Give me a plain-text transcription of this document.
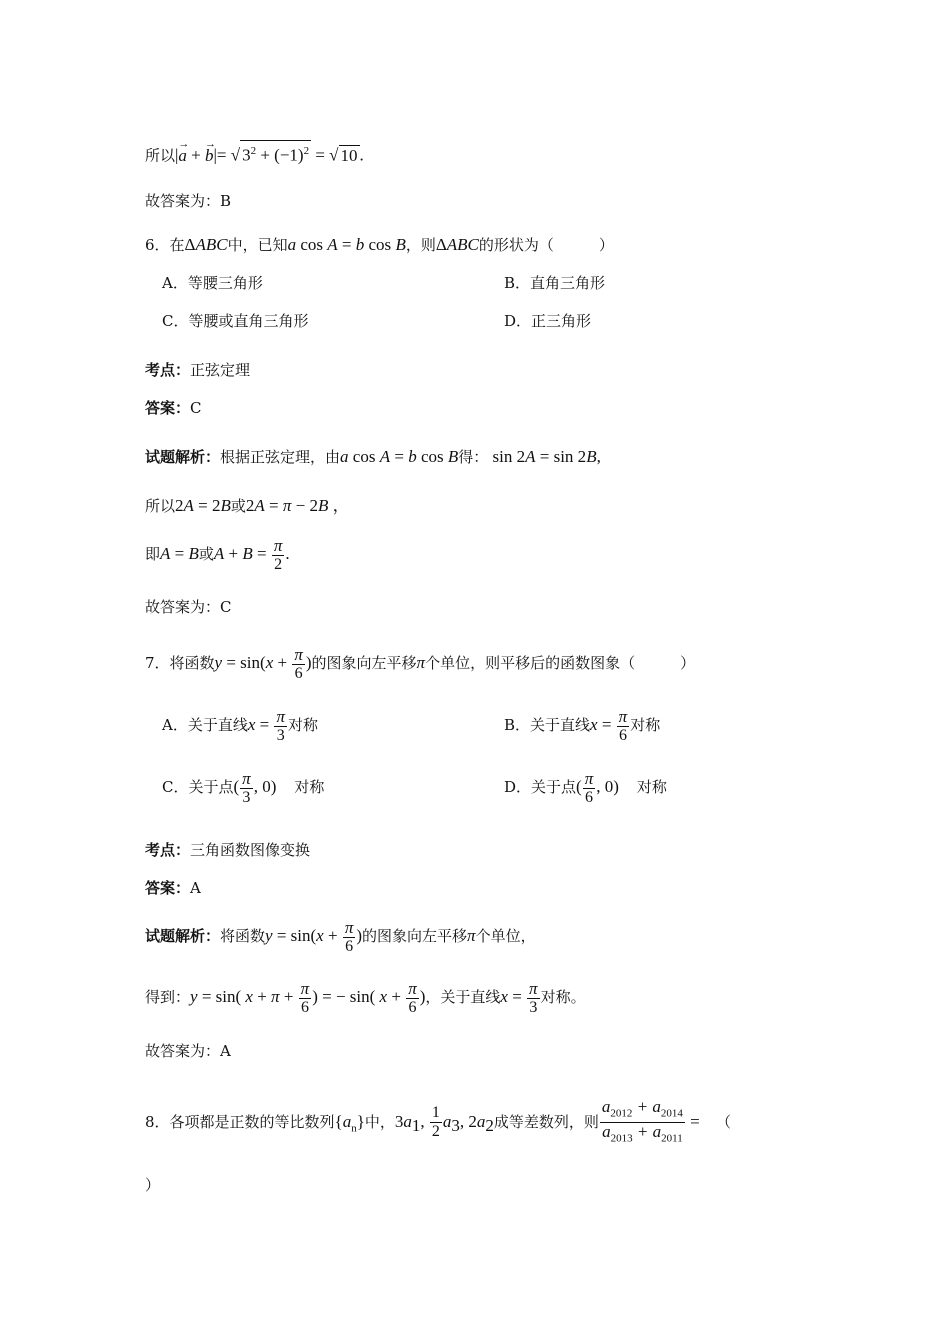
所以|→ a + → b|= √ $3^2 + (-1)^2$ = √ 10 .
故答案为：B
6．在ΔABC中，已知a cos A = b cos B，则ΔABC的形状为（　　　）
A．等腰三角形	B．直角三角形
C．等腰或直角三角形	D．正三角形
考点：正弦定理
答案：C
试题解析：根据正弦定理，由a cos A = b cos B得： sin 2A = sin 2B,
所以2A = 2B或2A = π − 2B ，
即A = B或$A + B = \frac{\pi}{2}$ .
故答案为：C
7．将函数$y = \sin(x + \frac{\pi}{6}$ )的图象向左平移π个单位，则平移后的函数图象（　　　）
A．关于直线$x = \frac{\pi}{3}$ 对称	B．关于直线$x = \frac{\pi}{6}$ 对称
C．关于点( $\frac{\pi}{3}$ , 0) 对称	D．关于点( $\frac{\pi}{6}$ , 0) 对称
考点：三角函数图像变换
答案：A
试题解析：将函数$y = \sin(x + \frac{\pi}{6}$ )的图象向左平移π个单位，
得到：y = sin( $x + \pi + \frac{\pi}{6}$ ) = − sin( $x + \frac{\pi}{6}$ )，关于直线$x = \frac{\pi}{3}$ 对称。
故答案为：A
8．各项都是正数的等比数列$\{a_n\}$中，$3a_1$, $\frac{1}{2} a_3$, $2a_2$成等差数列，则 $\frac{a_{2012} + a_{2014}}{a_{2013} + a_{2011}}$ = （
）
